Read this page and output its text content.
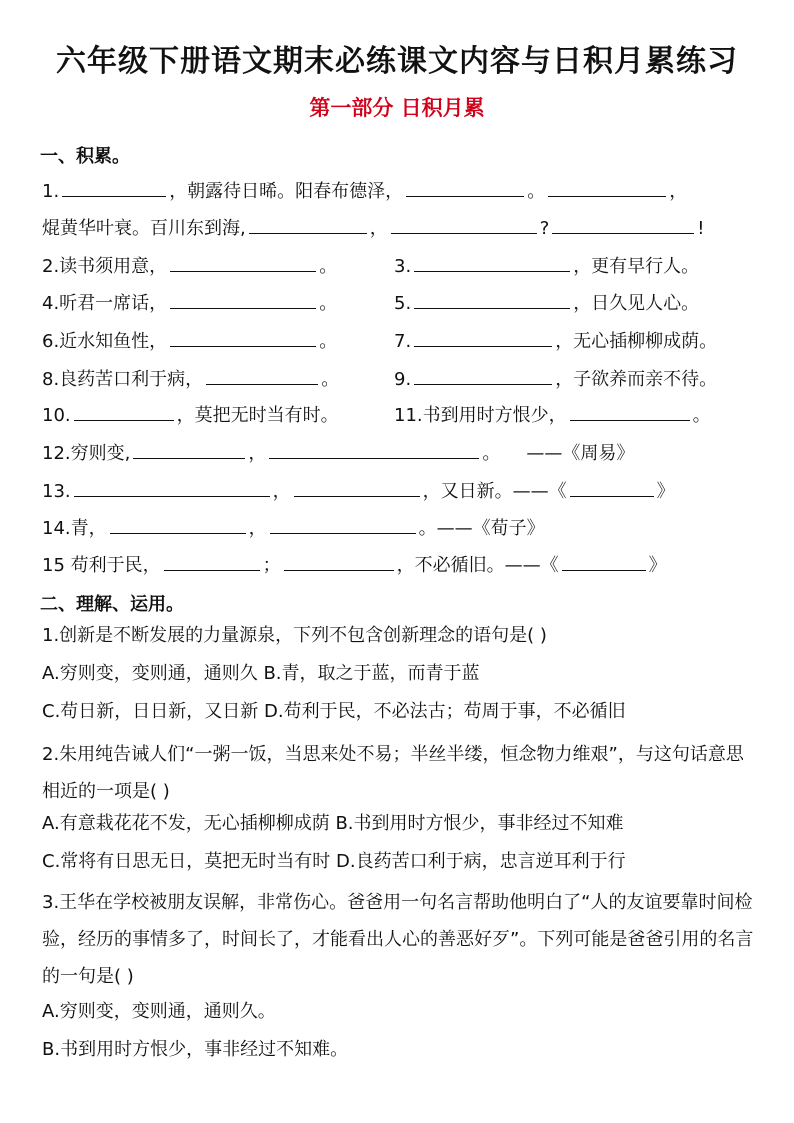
六年级下册语文期末必练课文内容与日积月累练习
第一部分 日积月累
一、积累。
1.	，朝露待日晞。阳春布德泽，	。	，
焜黄华叶衰。百川东到海,	，	?	!
2.读书须用意，	。	3.	，更有早行人。
4.听君一席话，	。	5.	，日久见人心。
6.近水知鱼性，	。	7.	，无心插柳柳成荫。
8.良药苦口利于病，	。	9.	，子欲养而亲不待。
10.	，莫把无时当有时。	11.书到用时方恨少，	。
12.穷则变,	，	。 ——《周易》
13.	，	，又日新。——《	》
14.青，	，	。——《荀子》
15 苟利于民，	；	，不必循旧。——《	》
二、理解、运用。
1.创新是不断发展的力量源泉，下列不包含创新理念的语句是( )
A.穷则变，变则通，通则久 B.青，取之于蓝，而青于蓝
C.苟日新，日日新，又日新 D.苟利于民，不必法古；苟周于事，不必循旧
2.朱用纯告诫人们“一粥一饭，当思来处不易；半丝半缕，恒念物力维艰”，与这句话意思相近的一项是( )
A.有意栽花花不发，无心插柳柳成荫 B.书到用时方恨少，事非经过不知难
C.常将有日思无日，莫把无时当有时 D.良药苦口利于病，忠言逆耳利于行
3.王华在学校被朋友误解，非常伤心。爸爸用一句名言帮助他明白了“人的友谊要靠时间检验，经历的事情多了，时间长了，才能看出人心的善恶好歹”。下列可能是爸爸引用的名言的一句是( )
A.穷则变，变则通，通则久。
B.书到用时方恨少，事非经过不知难。
